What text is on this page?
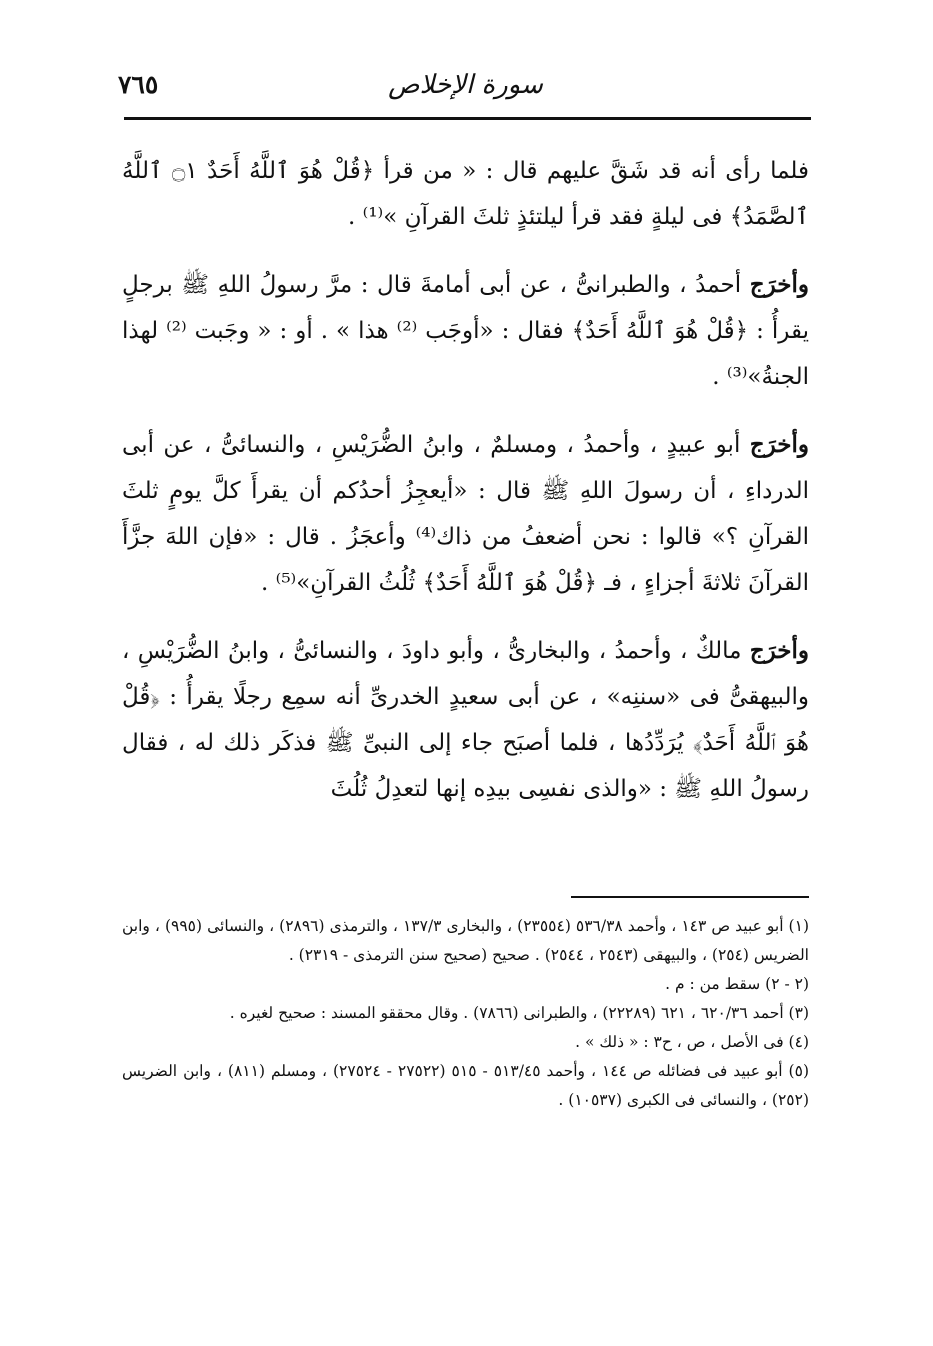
٧٦٥	سورة الإخلاص

فلما رأى أنه قد شَقَّ عليهم قال : « من قرأ ﴿قُلْ هُوَ ٱللَّهُ أَحَدٌ ۝١ ٱللَّهُ ٱلصَّمَدُ﴾ فى ليلةٍ فقد قرأ ليلتئذٍ ثلثَ القرآنِ »⁽¹⁾ .

وأخرَج أحمدُ ، والطبرانىُّ ، عن أبى أمامةَ قال : مرَّ رسولُ اللهِ ﷺ برجلٍ يقرأُ : ﴿قُلْ هُوَ ٱللَّهُ أَحَدٌ﴾ فقال : «أوجَب ⁽²⁾ هذا » . أو : « وجَبت ⁽²⁾ لهذا الجنةُ»⁽³⁾ .

وأخرَج أبو عبيدٍ ، وأحمدُ ، ومسلمٌ ، وابنُ الضُّرَيْسِ ، والنسائىُّ ، عن أبى الدرداءِ ، أن رسولَ اللهِ ﷺ قال : «أيعجِزُ أحدُكم أن يقرأَ كلَّ يومٍ ثلثَ القرآنِ ؟» قالوا : نحن أضعفُ من ذاك⁽⁴⁾ وأعجَزُ . قال : «فإن اللهَ جزَّأَ القرآنَ ثلاثةَ أجزاءٍ ، فـ ﴿قُلْ هُوَ ٱللَّهُ أَحَدٌ﴾ ثُلُثُ القرآنِ»⁽⁵⁾ .

وأخرَج مالكٌ ، وأحمدُ ، والبخارىُّ ، وأبو داودَ ، والنسائىُّ ، وابنُ الضُّرَيْسِ ، والبيهقىُّ فى «سننِه» ، عن أبى سعيدٍ الخدرىِّ أنه سمِع رجلًا يقرأُ : ﴿قُلْ هُوَ ٱللَّهُ أَحَدٌ﴾ يُرَدِّدُها ، فلما أصبَح جاء إلى النبىِّ ﷺ فذكَر ذلك له ، فقال رسولُ اللهِ ﷺ : «والذى نفسِى بيدِه إنها لتعدِلُ ثُلُثَ

(١) أبو عبيد ص ١٤٣ ، وأحمد ٥٣٦/٣٨ (٢٣٥٥٤) ، والبخارى ١٣٧/٣ ، والترمذى (٢٨٩٦) ، والنسائى (٩٩٥) ، وابن الضريس (٢٥٤) ، والبيهقى (٢٥٤٣ ، ٢٥٤٤) . صحيح (صحيح سنن الترمذى - ٢٣١٩) .

(٢ - ٢) سقط من : م .

(٣) أحمد ٦٢٠/٣٦ ، ٦٢١ (٢٢٢٨٩) ، والطبرانى (٧٨٦٦) . وقال محققو المسند : صحيح لغيره .

(٤) فى الأصل ، ص ، ح٣ : « ذلك » .

(٥) أبو عبيد فى فضائله ص ١٤٤ ، وأحمد ٥١٣/٤٥ - ٥١٥ (٢٧٥٢٢ - ٢٧٥٢٤) ، ومسلم (٨١١) ، وابن الضريس (٢٥٢) ، والنسائى فى الكبرى (١٠٥٣٧) .
